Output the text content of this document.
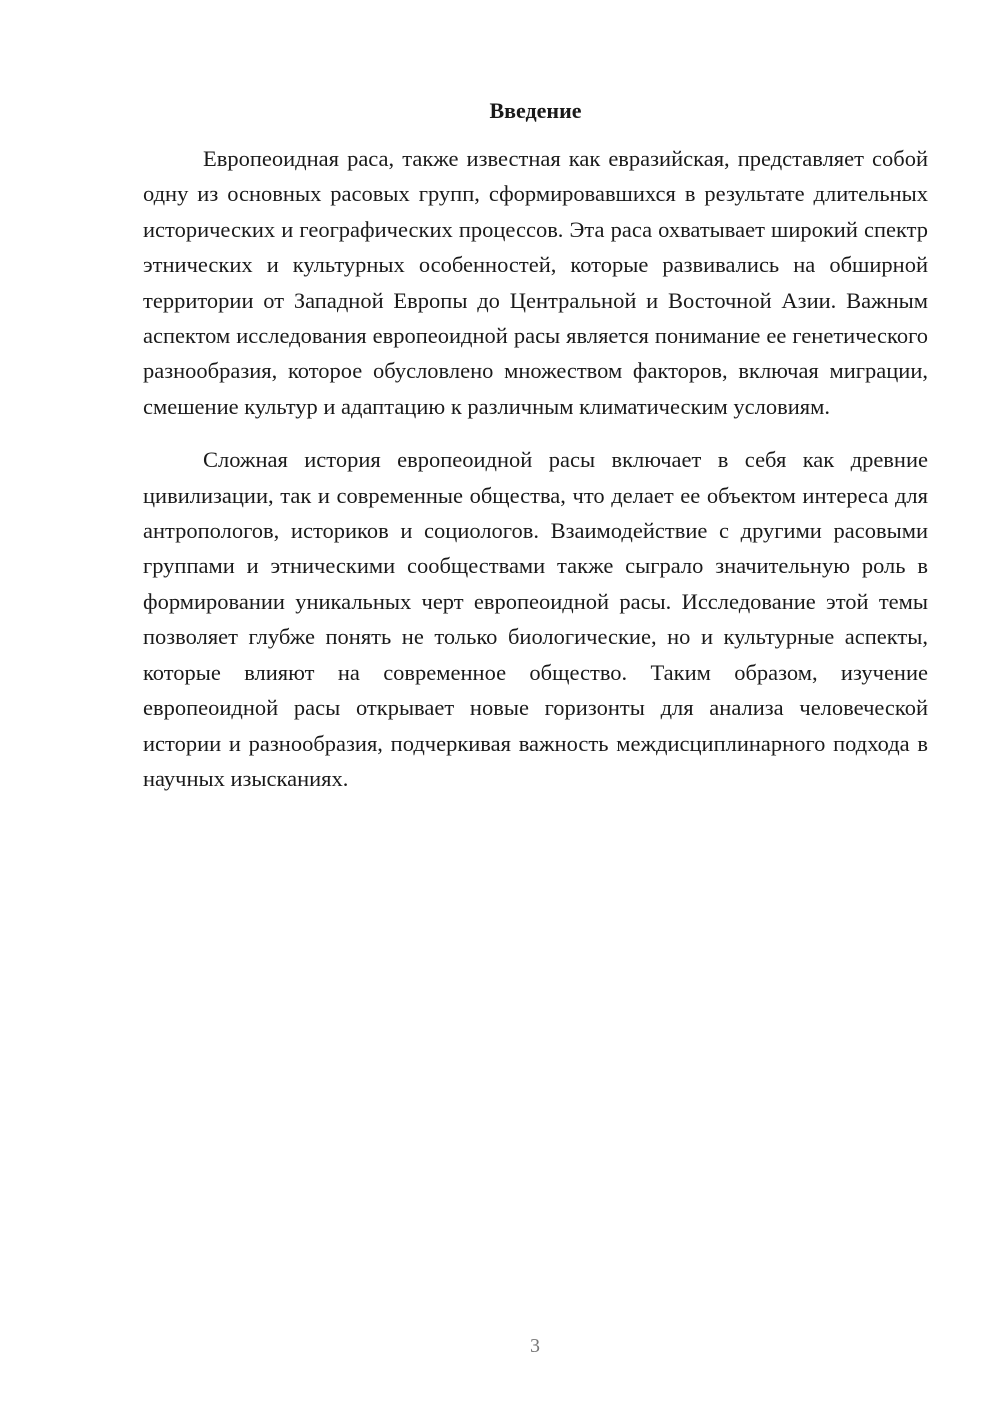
Введение

Европеоидная раса, также известная как евразийская, представляет собой одну из основных расовых групп, сформировавшихся в результате длительных исторических и географических процессов. Эта раса охватывает широкий спектр этнических и культурных особенностей, которые развивались на обширной территории от Западной Европы до Центральной и Восточной Азии. Важным аспектом исследования европеоидной расы является понимание ее генетического разнообразия, которое обусловлено множеством факторов, включая миграции, смешение культур и адаптацию к различным климатическим условиям.

Сложная история европеоидной расы включает в себя как древние цивилизации, так и современные общества, что делает ее объектом интереса для антропологов, историков и социологов. Взаимодействие с другими расовыми группами и этническими сообществами также сыграло значительную роль в формировании уникальных черт европеоидной расы. Исследование этой темы позволяет глубже понять не только биологические, но и культурные аспекты, которые влияют на современное общество. Таким образом, изучение европеоидной расы открывает новые горизонты для анализа человеческой истории и разнообразия, подчеркивая важность междисциплинарного подхода в научных изысканиях.

3
